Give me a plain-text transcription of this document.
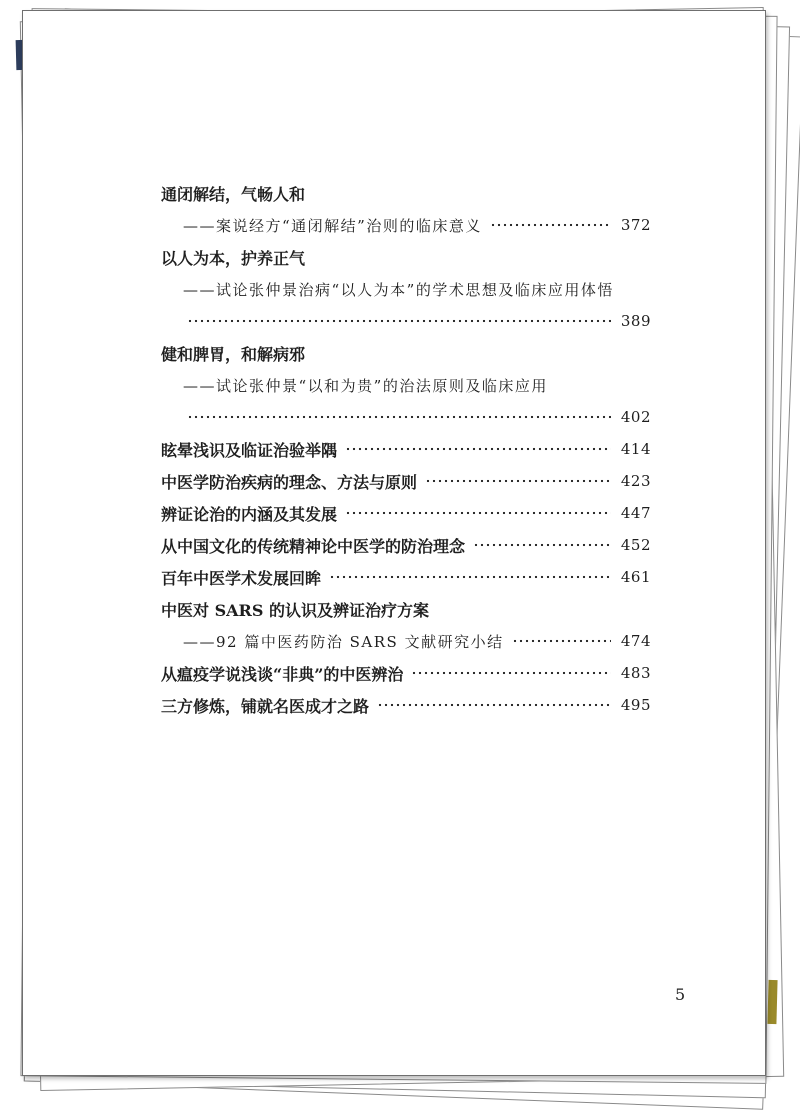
通闭解结，气畅人和
——案说经方“通闭解结”治则的临床意义	372
以人为本，护养正气
——试论张仲景治病“以人为本”的学术思想及临床应用体悟
389
健和脾胃，和解病邪
——试论张仲景“以和为贵”的治法原则及临床应用
402
眩晕浅识及临证治验举隅	414
中医学防治疾病的理念、方法与原则	423
辨证论治的内涵及其发展	447
从中国文化的传统精神论中医学的防治理念	452
百年中医学术发展回眸	461
中医对 SARS 的认识及辨证治疗方案
——92 篇中医药防治 SARS 文献研究小结	474
从瘟疫学说浅谈“非典”的中医辨治	483
三方修炼，铺就名医成才之路	495
5
